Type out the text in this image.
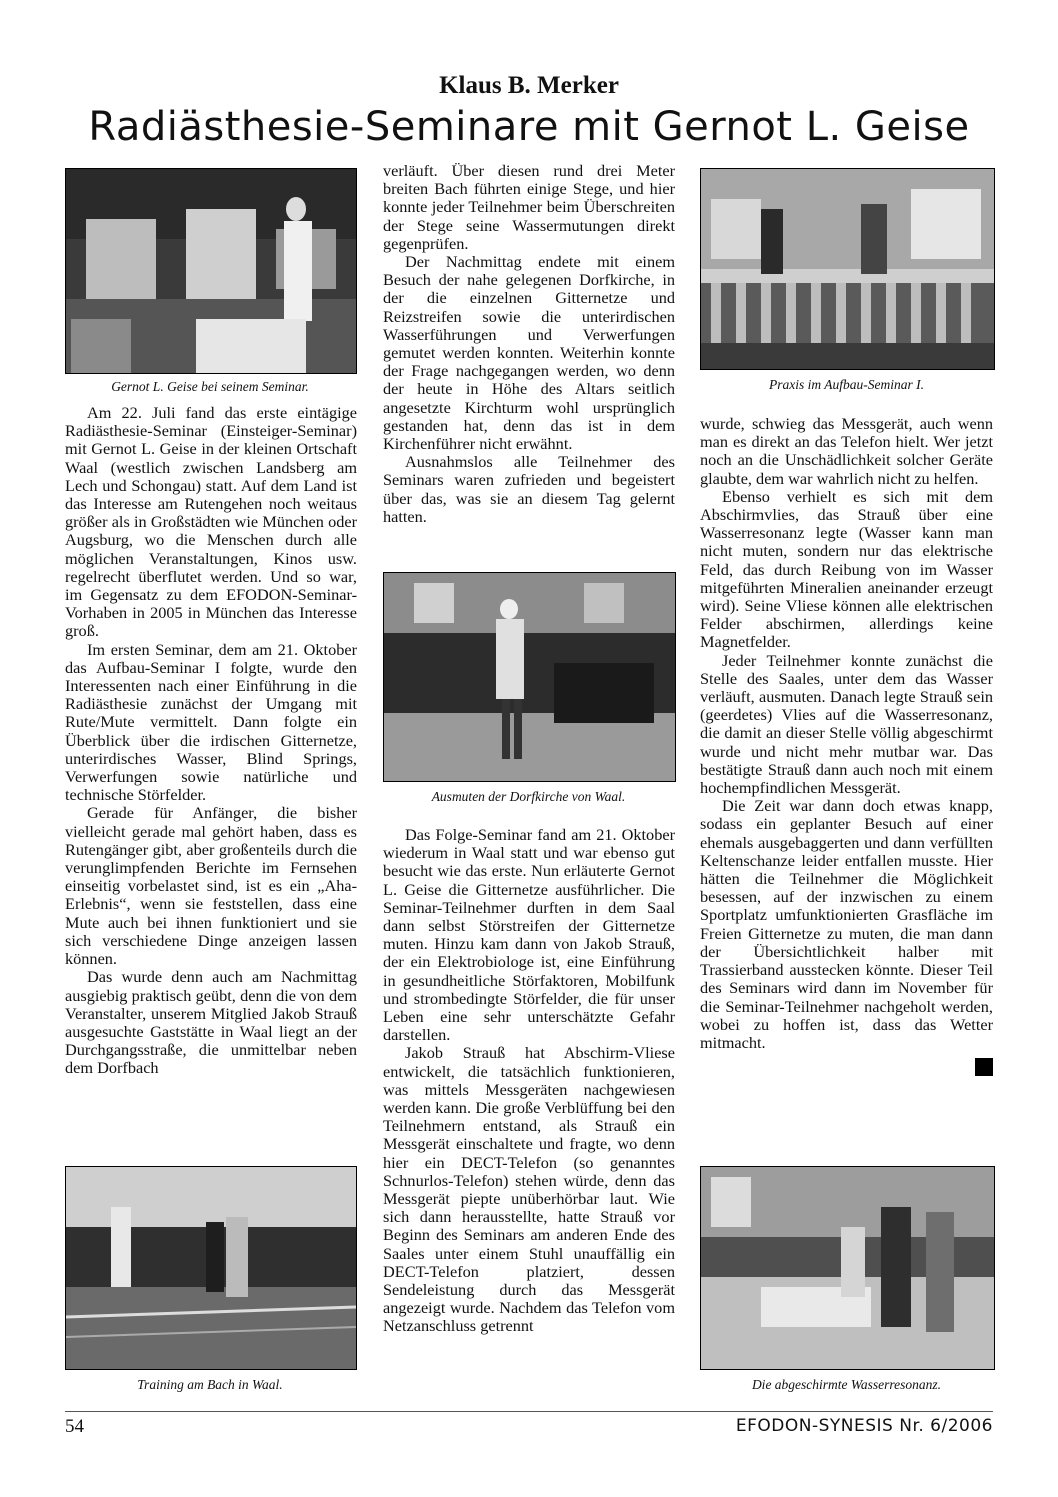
Klaus B. Merker
Radiästhesie-Seminare mit Gernot L. Geise
Gernot L. Geise bei seinem Seminar.

Am 22. Juli fand das erste eintägige Radiästhesie-Seminar (Einsteiger-Seminar) mit Gernot L. Geise in der kleinen Ortschaft Waal (westlich zwischen Landsberg am Lech und Schongau) statt. Auf dem Land ist das Interesse am Rutengehen noch weitaus größer als in Großstädten wie München oder Augsburg, wo die Menschen durch alle möglichen Veranstaltungen, Kinos usw. regelrecht überflutet werden. Und so war, im Gegensatz zu dem EFODON-Seminar-Vorhaben in 2005 in München das Interesse groß.

Im ersten Seminar, dem am 21. Oktober das Aufbau-Seminar I folgte, wurde den Interessenten nach einer Einführung in die Radiästhesie zunächst der Umgang mit Rute/Mute vermittelt. Dann folgte ein Überblick über die irdischen Gitternetze, unterirdisches Wasser, Blind Springs, Verwerfungen sowie natürliche und technische Störfelder.

Gerade für Anfänger, die bisher vielleicht gerade mal gehört haben, dass es Rutengänger gibt, aber großenteils durch die verunglimpfenden Berichte im Fernsehen einseitig vorbelastet sind, ist es ein „Aha-Erlebnis“, wenn sie feststellen, dass eine Mute auch bei ihnen funktioniert und sie sich verschiedene Dinge anzeigen lassen können.

Das wurde denn auch am Nachmittag ausgiebig praktisch geübt, denn die von dem Veranstalter, unserem Mitglied Jakob Strauß ausgesuchte Gaststätte in Waal liegt an der Durchgangsstraße, die unmittelbar neben dem Dorfbach

Training am Bach in Waal.

verläuft. Über diesen rund drei Meter breiten Bach führten einige Stege, und hier konnte jeder Teilnehmer beim Überschreiten der Stege seine Wassermutungen direkt gegenprüfen.

Der Nachmittag endete mit einem Besuch der nahe gelegenen Dorfkirche, in der die einzelnen Gitternetze und Reizstreifen sowie die unterirdischen Wasserführungen und Verwerfungen gemutet werden konnten. Weiterhin konnte der Frage nachgegangen werden, wo denn der heute in Höhe des Altars seitlich angesetzte Kirchturm wohl ursprünglich gestanden hat, denn das ist in dem Kirchenführer nicht erwähnt.

Ausnahmslos alle Teilnehmer des Seminars waren zufrieden und begeistert über das, was sie an diesem Tag gelernt hatten.

Ausmuten der Dorfkirche von Waal.

Das Folge-Seminar fand am 21. Oktober wiederum in Waal statt und war ebenso gut besucht wie das erste. Nun erläuterte Gernot L. Geise die Gitternetze ausführlicher. Die Seminar-Teilnehmer durften in dem Saal dann selbst Störstreifen der Gitternetze muten. Hinzu kam dann von Jakob Strauß, der ein Elektrobiologe ist, eine Einführung in gesundheitliche Störfaktoren, Mobilfunk und strombedingte Störfelder, die für unser Leben eine sehr unterschätzte Gefahr darstellen.

Jakob Strauß hat Abschirm-Vliese entwickelt, die tatsächlich funktionieren, was mittels Messgeräten nachgewiesen werden kann. Die große Verblüffung bei den Teilnehmern entstand, als Strauß ein Messgerät einschaltete und fragte, wo denn hier ein DECT-Telefon (so genanntes Schnurlos-Telefon) stehen würde, denn das Messgerät piepte unüberhörbar laut. Wie sich dann herausstellte, hatte Strauß vor Beginn des Seminars am anderen Ende des Saales unter einem Stuhl unauffällig ein DECT-Telefon platziert, dessen Sendeleistung durch das Messgerät angezeigt wurde. Nachdem das Telefon vom Netzanschluss getrennt

Praxis im Aufbau-Seminar I.

wurde, schwieg das Messgerät, auch wenn man es direkt an das Telefon hielt. Wer jetzt noch an die Unschädlichkeit solcher Geräte glaubte, dem war wahrlich nicht zu helfen.

Ebenso verhielt es sich mit dem Abschirmvlies, das Strauß über eine Wasserresonanz legte (Wasser kann man nicht muten, sondern nur das elektrische Feld, das durch Reibung von im Wasser mitgeführten Mineralien aneinander erzeugt wird). Seine Vliese können alle elektrischen Felder abschirmen, allerdings keine Magnetfelder.

Jeder Teilnehmer konnte zunächst die Stelle des Saales, unter dem das Wasser verläuft, ausmuten. Danach legte Strauß sein (geerdetes) Vlies auf die Wasserresonanz, die damit an dieser Stelle völlig abgeschirmt wurde und nicht mehr mutbar war. Das bestätigte Strauß dann auch noch mit einem hochempfindlichen Messgerät.

Die Zeit war dann doch etwas knapp, sodass ein geplanter Besuch auf einer ehemals ausgebaggerten und dann verfüllten Keltenschanze leider entfallen musste. Hier hätten die Teilnehmer die Möglichkeit besessen, auf der inzwischen zu einem Sportplatz umfunktionierten Grasfläche im Freien Gitternetze zu muten, die man dann der Übersichtlichkeit halber mit Trassierband ausstecken könnte. Dieser Teil des Seminars wird dann im November für die Seminar-Teilnehmer nachgeholt werden, wobei zu hoffen ist, dass das Wetter mitmacht.

Die abgeschirmte Wasserresonanz.
54	EFODON-SYNESIS Nr. 6/2006
